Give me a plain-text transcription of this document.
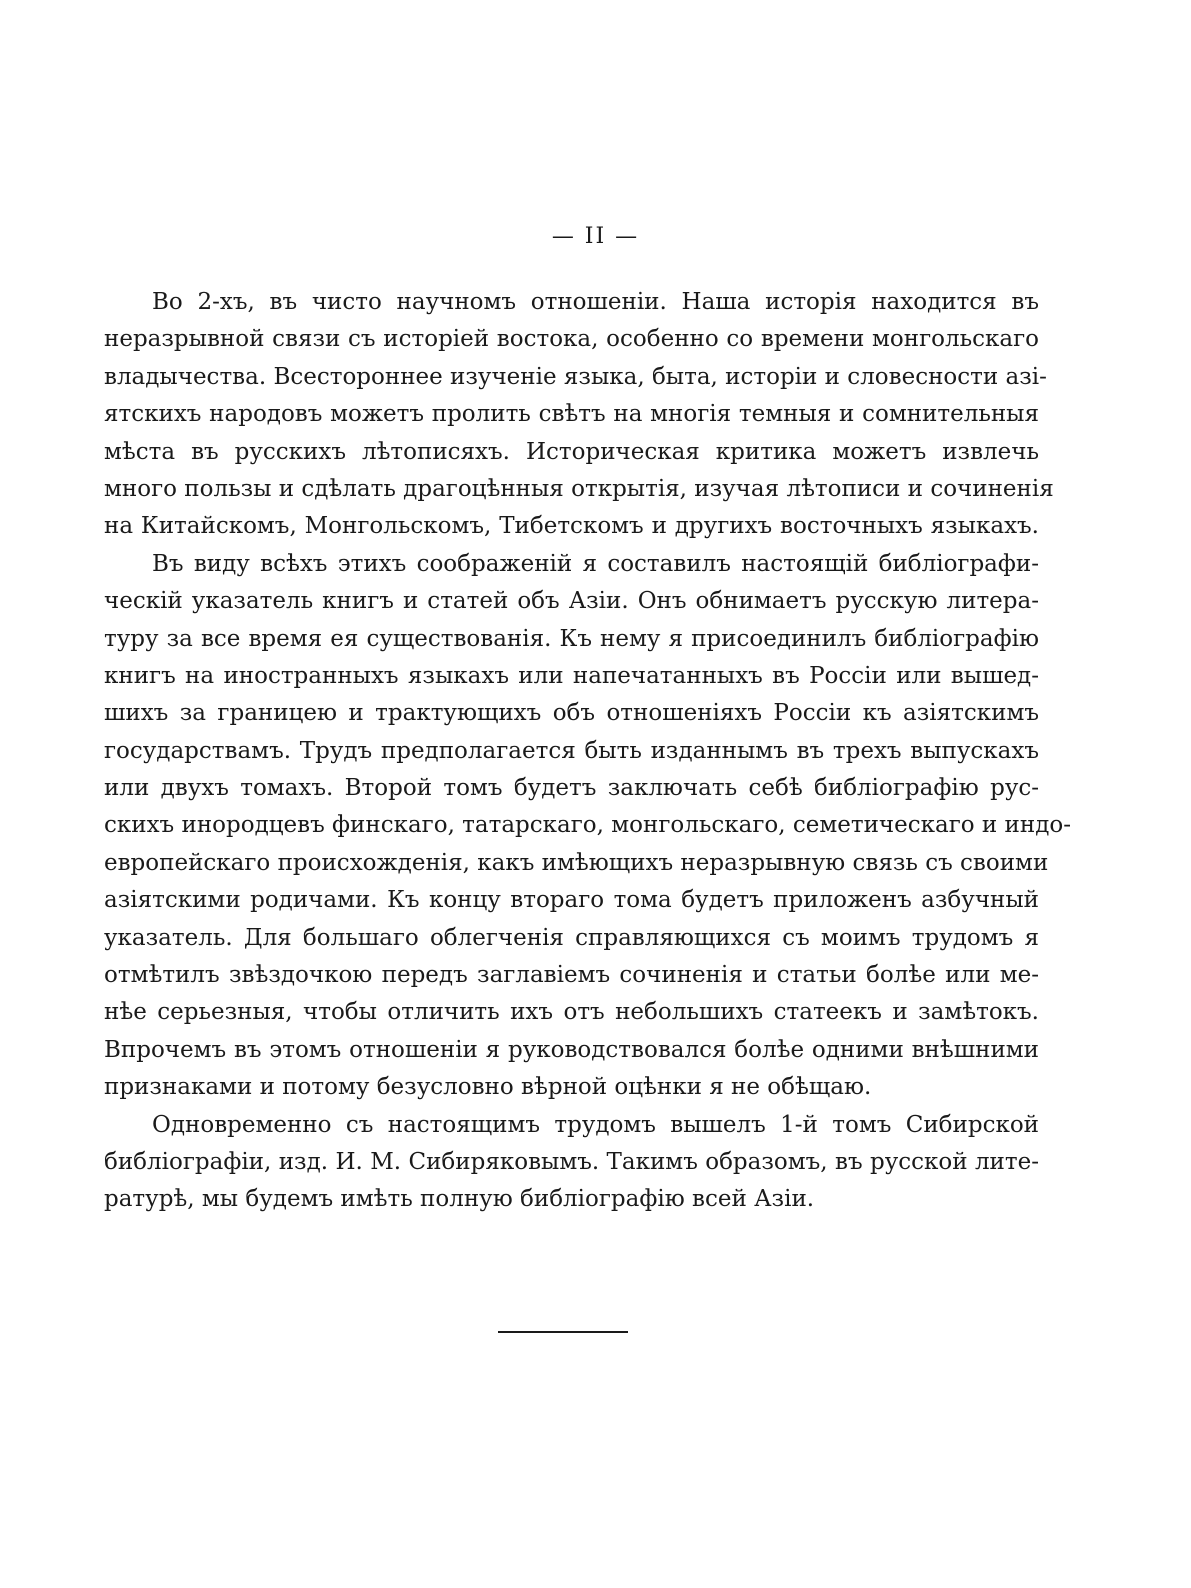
— II —
Во 2-хъ, въ чисто научномъ отношеніи. Наша исторія находится въ
неразрывной связи съ исторіей востока, особенно со времени монгольскаго
владычества. Всестороннее изученіе языка, быта, исторіи и словесности азі-
ятскихъ народовъ можетъ пролить свѣтъ на многія темныя и сомнительныя
мѣста въ русскихъ лѣтописяхъ. Историческая критика можетъ извлечь
много пользы и сдѣлать драгоцѣнныя открытія, изучая лѣтописи и сочиненія
на Китайскомъ, Монгольскомъ, Тибетскомъ и другихъ восточныхъ языкахъ.
Въ виду всѣхъ этихъ соображеній я составилъ настоящій библіографи-
ческій указатель книгъ и статей объ Азіи. Онъ обнимаетъ русскую литера-
туру за все время ея существованія. Къ нему я присоединилъ библіографію
книгъ на иностранныхъ языкахъ или напечатанныхъ въ Россіи или вышед-
шихъ за границею и трактующихъ объ отношеніяхъ Россіи къ азіятскимъ
государствамъ. Трудъ предполагается быть изданнымъ въ трехъ выпускахъ
или двухъ томахъ. Второй томъ будетъ заключать себѣ библіографію рус-
скихъ инородцевъ финскаго, татарскаго, монгольскаго, семетическаго и индо-
европейскаго происхожденія, какъ имѣющихъ неразрывную связь съ своими
азіятскими родичами. Къ концу втораго тома будетъ приложенъ азбучный
указатель. Для большаго облегченія справляющихся съ моимъ трудомъ я
отмѣтилъ звѣздочкою передъ заглавіемъ сочиненія и статьи болѣе или ме-
нѣе серьезныя, чтобы отличить ихъ отъ небольшихъ статеекъ и замѣтокъ.
Впрочемъ въ этомъ отношеніи я руководствовался болѣе одними внѣшними
признаками и потому безусловно вѣрной оцѣнки я не обѣщаю.
Одновременно съ настоящимъ трудомъ вышелъ 1-й томъ Сибирской
библіографіи, изд. И. М. Сибиряковымъ. Такимъ образомъ, въ русской лите-
ратурѣ, мы будемъ имѣть полную библіографію всей Азіи.
